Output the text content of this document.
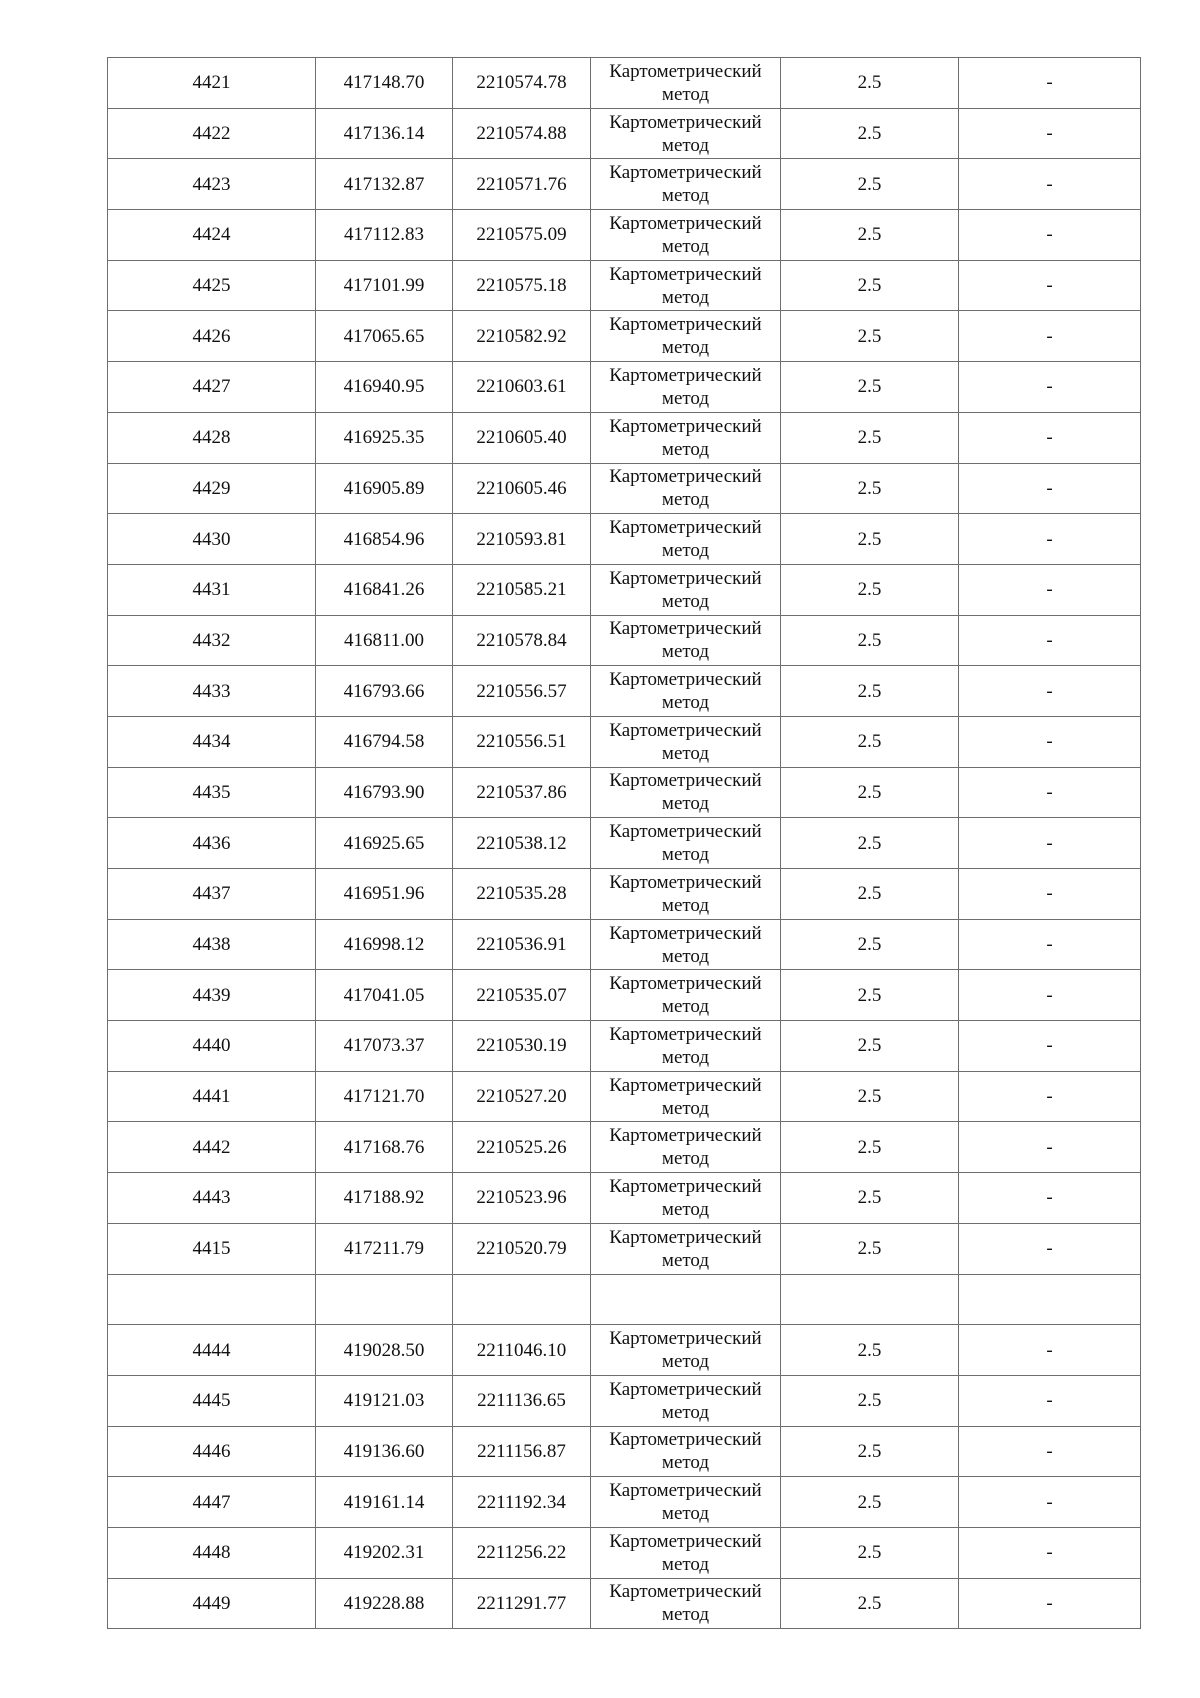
4421	417148.70	2210574.78	Картометрический
метод	2.5	-
4422	417136.14	2210574.88	Картометрический
метод	2.5	-
4423	417132.87	2210571.76	Картометрический
метод	2.5	-
4424	417112.83	2210575.09	Картометрический
метод	2.5	-
4425	417101.99	2210575.18	Картометрический
метод	2.5	-
4426	417065.65	2210582.92	Картометрический
метод	2.5	-
4427	416940.95	2210603.61	Картометрический
метод	2.5	-
4428	416925.35	2210605.40	Картометрический
метод	2.5	-
4429	416905.89	2210605.46	Картометрический
метод	2.5	-
4430	416854.96	2210593.81	Картометрический
метод	2.5	-
4431	416841.26	2210585.21	Картометрический
метод	2.5	-
4432	416811.00	2210578.84	Картометрический
метод	2.5	-
4433	416793.66	2210556.57	Картометрический
метод	2.5	-
4434	416794.58	2210556.51	Картометрический
метод	2.5	-
4435	416793.90	2210537.86	Картометрический
метод	2.5	-
4436	416925.65	2210538.12	Картометрический
метод	2.5	-
4437	416951.96	2210535.28	Картометрический
метод	2.5	-
4438	416998.12	2210536.91	Картометрический
метод	2.5	-
4439	417041.05	2210535.07	Картометрический
метод	2.5	-
4440	417073.37	2210530.19	Картометрический
метод	2.5	-
4441	417121.70	2210527.20	Картометрический
метод	2.5	-
4442	417168.76	2210525.26	Картометрический
метод	2.5	-
4443	417188.92	2210523.96	Картометрический
метод	2.5	-
4415	417211.79	2210520.79	Картометрический
метод	2.5	-

4444	419028.50	2211046.10	Картометрический
метод	2.5	-
4445	419121.03	2211136.65	Картометрический
метод	2.5	-
4446	419136.60	2211156.87	Картометрический
метод	2.5	-
4447	419161.14	2211192.34	Картометрический
метод	2.5	-
4448	419202.31	2211256.22	Картометрический
метод	2.5	-
4449	419228.88	2211291.77	Картометрический
метод	2.5	-
